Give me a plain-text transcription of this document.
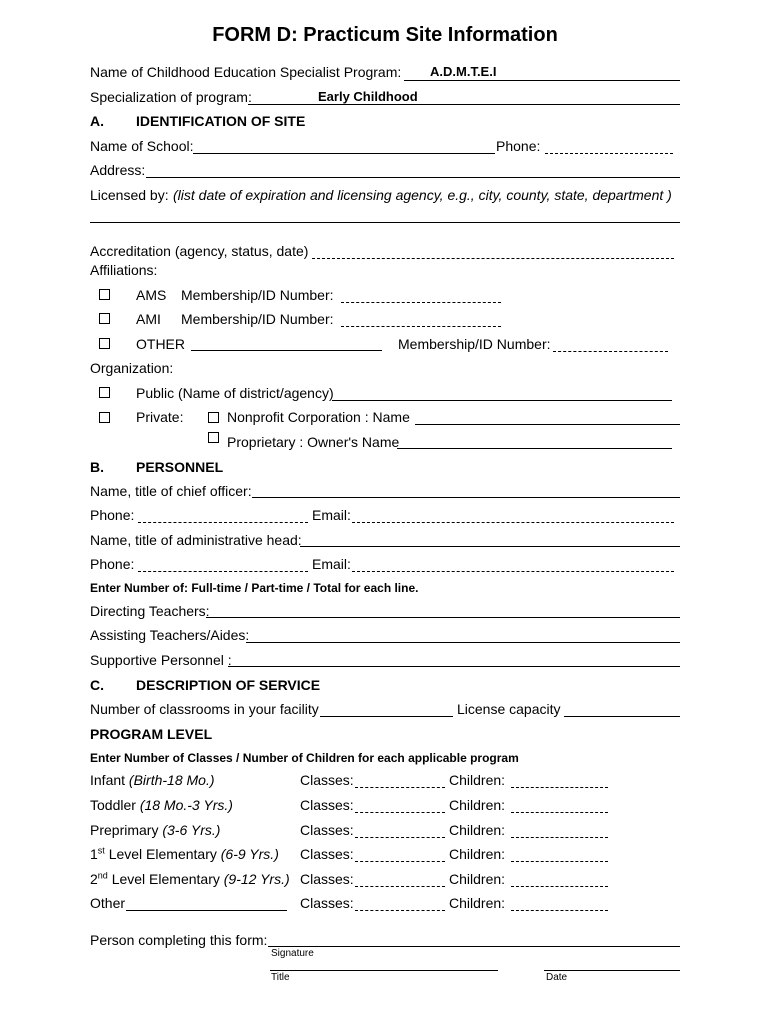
FORM D: Practicum Site Information
Name of Childhood Education Specialist Program: A.D.M.T.E.I
Specialization of program:	Early Childhood
A. IDENTIFICATION OF SITE
Name of School:	Phone:
Address:
Licensed by: (list date of expiration and licensing agency, e.g., city, county, state, department )
Accreditation (agency, status, date)
Affiliations:
AMS Membership/ID Number:
AMI Membership/ID Number:
OTHER	Membership/ID Number:
Organization:
Public (Name of district/agency)
Private:	Nonprofit Corporation : Name
Proprietary : Owner's Name
B. PERSONNEL
Name, title of chief officer:
Phone:	Email:
Name, title of administrative head:
Phone:	Email:
Enter Number of: Full-time / Part-time / Total for each line.
Directing Teachers:
Assisting Teachers/Aides:
Supportive Personnel :
C. DESCRIPTION OF SERVICE
Number of classrooms in your facility	License capacity
PROGRAM LEVEL
Enter Number of Classes / Number of Children for each applicable program
Infant (Birth-18 Mo.)	Classes:	Children:
Toddler (18 Mo.-3 Yrs.)	Classes:	Children:
Preprimary (3-6 Yrs.)	Classes:	Children:
1st Level Elementary (6-9 Yrs.) Classes:	Children:
2nd Level Elementary (9-12 Yrs.) Classes:	Children:
Other	Classes:	Children:
Person completing this form:
Signature
Title	Date
